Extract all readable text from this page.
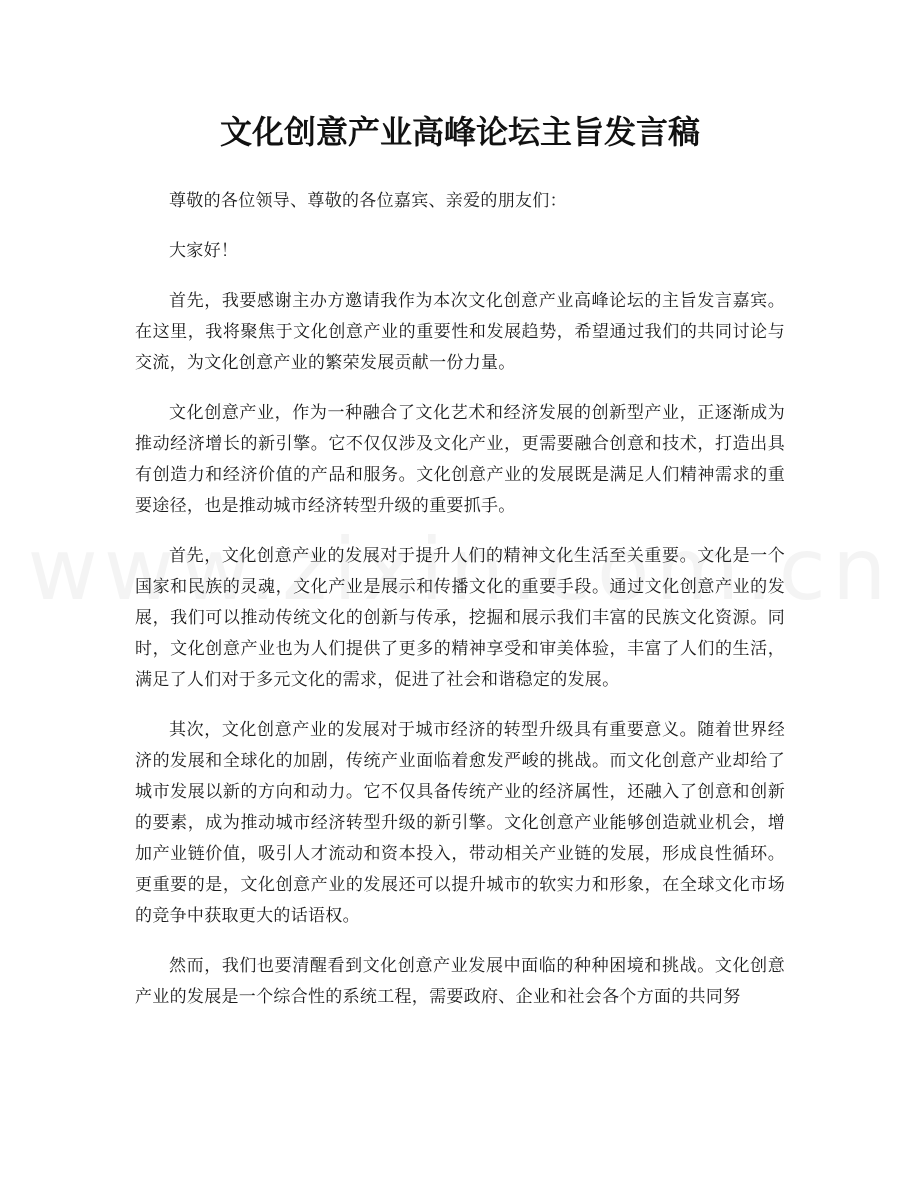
文化创意产业高峰论坛主旨发言稿

尊敬的各位领导、尊敬的各位嘉宾、亲爱的朋友们：

大家好！

首先，我要感谢主办方邀请我作为本次文化创意产业高峰论坛的主旨发言嘉宾。在这里，我将聚焦于文化创意产业的重要性和发展趋势，希望通过我们的共同讨论与交流，为文化创意产业的繁荣发展贡献一份力量。

文化创意产业，作为一种融合了文化艺术和经济发展的创新型产业，正逐渐成为推动经济增长的新引擎。它不仅仅涉及文化产业，更需要融合创意和技术，打造出具有创造力和经济价值的产品和服务。文化创意产业的发展既是满足人们精神需求的重要途径，也是推动城市经济转型升级的重要抓手。

首先，文化创意产业的发展对于提升人们的精神文化生活至关重要。文化是一个国家和民族的灵魂，文化产业是展示和传播文化的重要手段。通过文化创意产业的发展，我们可以推动传统文化的创新与传承，挖掘和展示我们丰富的民族文化资源。同时，文化创意产业也为人们提供了更多的精神享受和审美体验，丰富了人们的生活，满足了人们对于多元文化的需求，促进了社会和谐稳定的发展。

其次，文化创意产业的发展对于城市经济的转型升级具有重要意义。随着世界经济的发展和全球化的加剧，传统产业面临着愈发严峻的挑战。而文化创意产业却给了城市发展以新的方向和动力。它不仅具备传统产业的经济属性，还融入了创意和创新的要素，成为推动城市经济转型升级的新引擎。文化创意产业能够创造就业机会，增加产业链价值，吸引人才流动和资本投入，带动相关产业链的发展，形成良性循环。更重要的是，文化创意产业的发展还可以提升城市的软实力和形象，在全球文化市场的竞争中获取更大的话语权。

然而，我们也要清醒看到文化创意产业发展中面临的种种困境和挑战。文化创意产业的发展是一个综合性的系统工程，需要政府、企业和社会各个方面的共同努
